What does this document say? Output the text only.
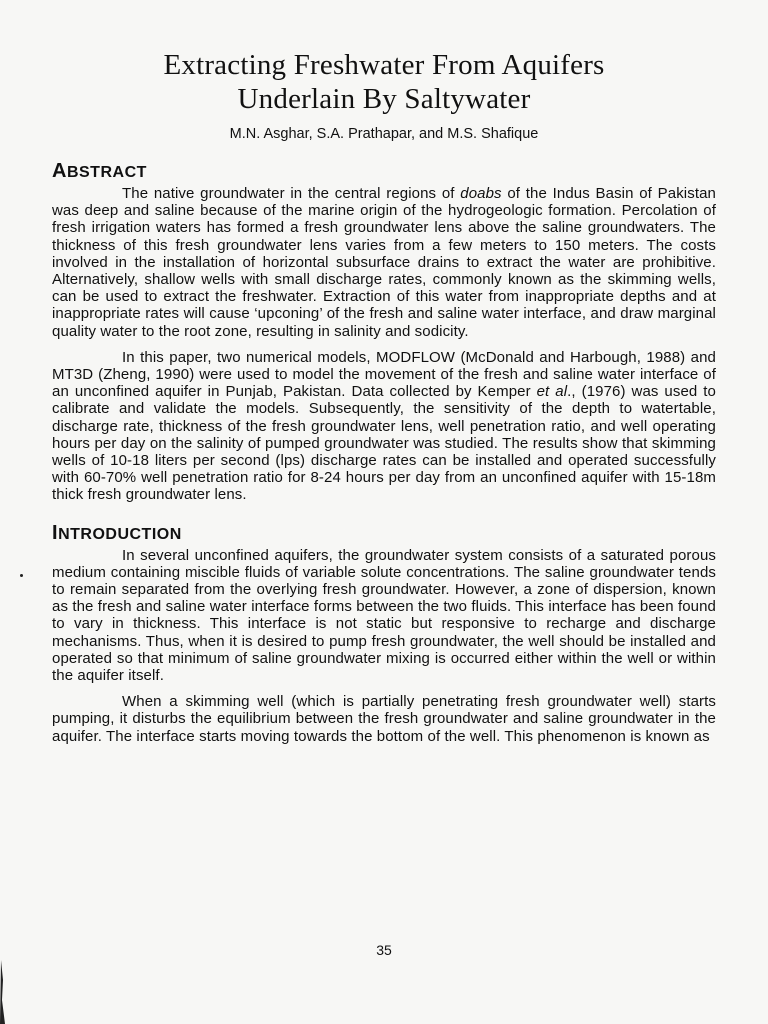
Extracting Freshwater From Aquifers
Underlain By Saltywater
M.N. Asghar, S.A. Prathapar, and M.S. Shafique
ABSTRACT

The native groundwater in the central regions of doabs of the Indus Basin of Pakistan was deep and saline because of the marine origin of the hydrogeologic formation. Percolation of fresh irrigation waters has formed a fresh groundwater lens above the saline groundwaters. The thickness of this fresh groundwater lens varies from a few meters to 150 meters. The costs involved in the installation of horizontal subsurface drains to extract the water are prohibitive. Alternatively, shallow wells with small discharge rates, commonly known as the skimming wells, can be used to extract the freshwater. Extraction of this water from inappropriate depths and at inappropriate rates will cause ‘upconing’ of the fresh and saline water interface, and draw marginal quality water to the root zone, resulting in salinity and sodicity.

In this paper, two numerical models, MODFLOW (McDonald and Harbough, 1988) and MT3D (Zheng, 1990) were used to model the movement of the fresh and saline water interface of an unconfined aquifer in Punjab, Pakistan. Data collected by Kemper et al., (1976) was used to calibrate and validate the models. Subsequently, the sensitivity of the depth to watertable, discharge rate, thickness of the fresh groundwater lens, well penetration ratio, and well operating hours per day on the salinity of pumped groundwater was studied. The results show that skimming wells of 10-18 liters per second (lps) discharge rates can be installed and operated successfully with 60-70% well penetration ratio for 8-24 hours per day from an unconfined aquifer with 15-18m thick fresh groundwater lens.

INTRODUCTION

In several unconfined aquifers, the groundwater system consists of a saturated porous medium containing miscible fluids of variable solute concentrations. The saline groundwater tends to remain separated from the overlying fresh groundwater. However, a zone of dispersion, known as the fresh and saline water interface forms between the two fluids. This interface has been found to vary in thickness. This interface is not static but responsive to recharge and discharge mechanisms. Thus, when it is desired to pump fresh groundwater, the well should be installed and operated so that minimum of saline groundwater mixing is occurred either within the well or within the aquifer itself.

When a skimming well (which is partially penetrating fresh groundwater well) starts pumping, it disturbs the equilibrium between the fresh groundwater and saline groundwater in the aquifer. The interface starts moving towards the bottom of the well. This phenomenon is known as

35
